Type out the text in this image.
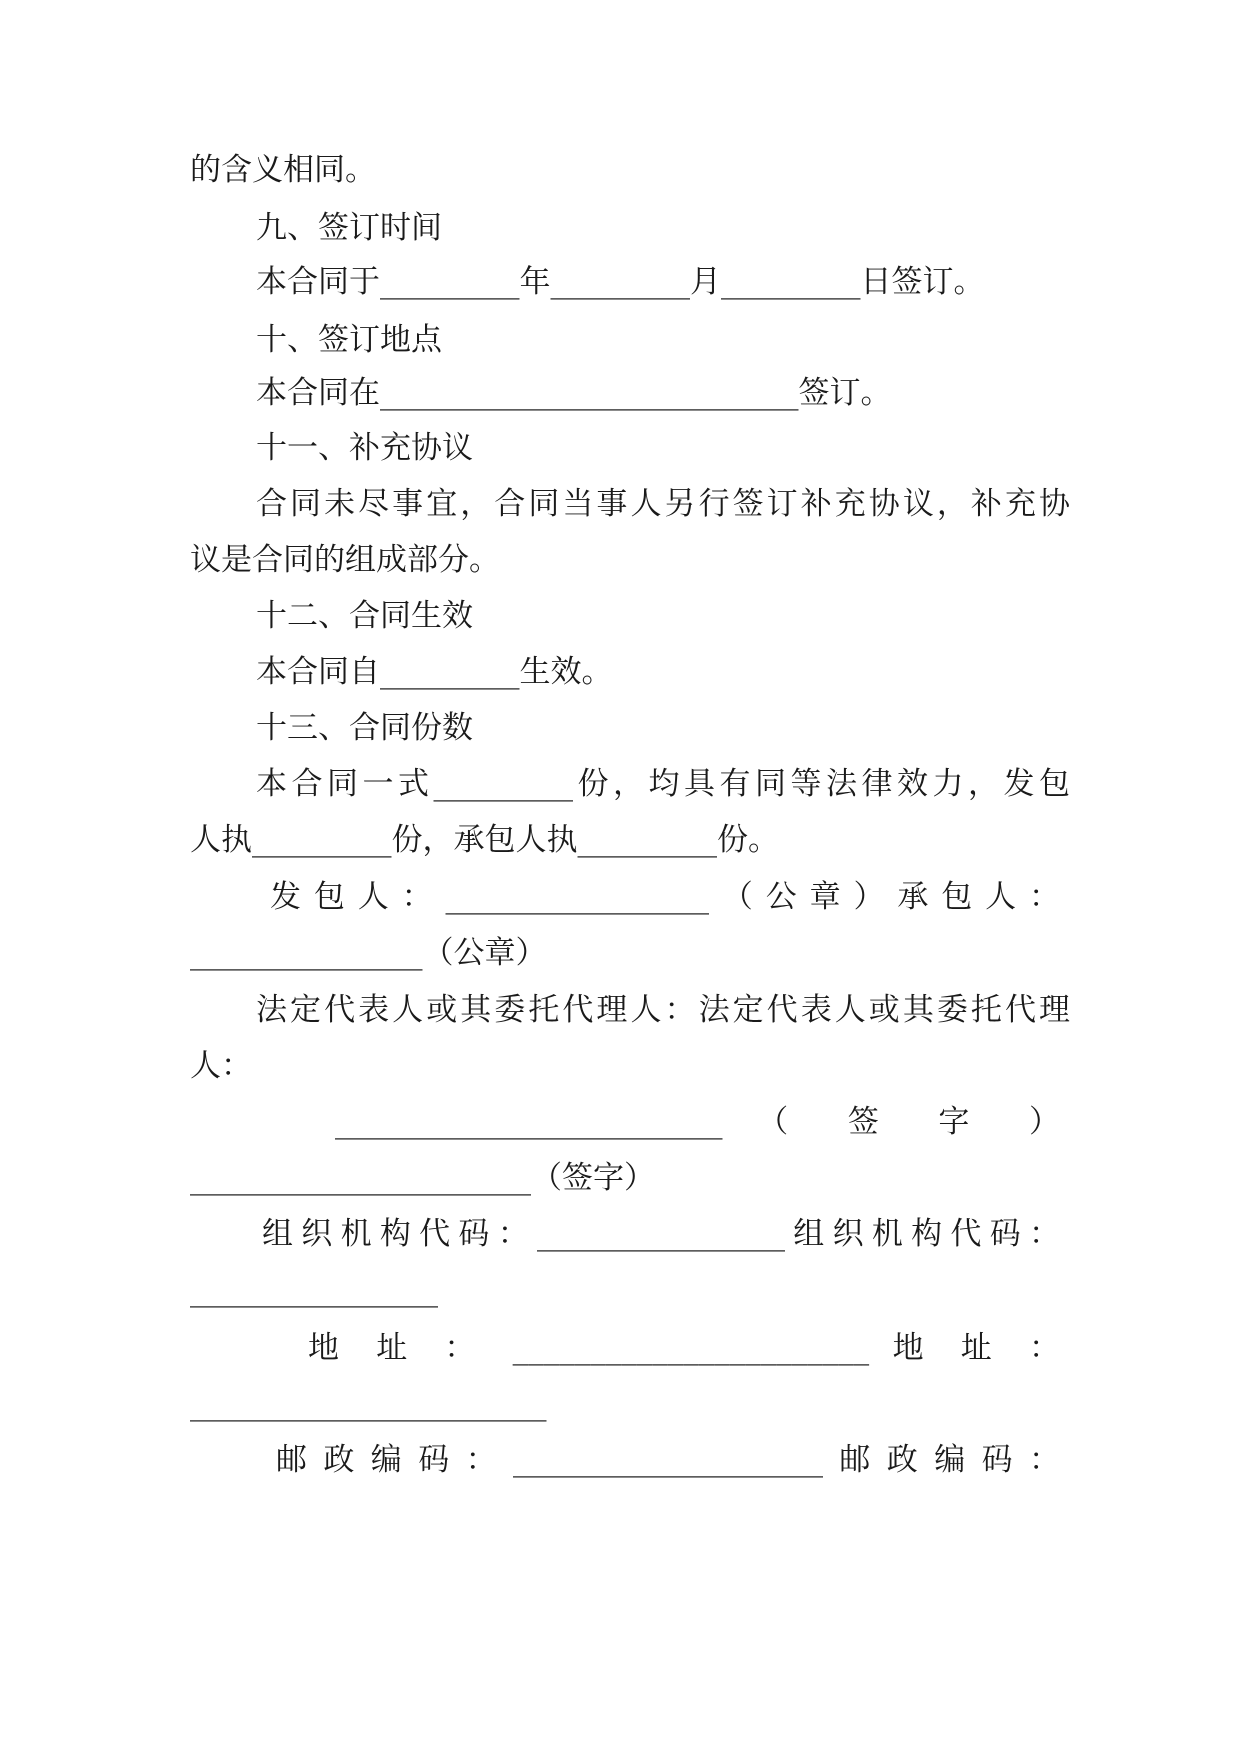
的含义相同。
九、签订时间
本合同于_________年_________月_________日签订。
十、签订地点
本合同在___________________________签订。
十一、补充协议
合同未尽事宜，合同当事人另行签订补充协议，补充协
议是合同的组成部分。
十二、合同生效
本合同自_________生效。
十三、合同份数
本合同一式_________份，均具有同等法律效力，发包
人执_________份，承包人执_________份。
发包人：_________________（公章）承包人：
_______________（公章）
法定代表人或其委托代理人：法定代表人或其委托代理
人：
_________________________ （ 签 字 ）
______________________（签字）
组织机构代码：________________组织机构代码：
________________
地 址 ： _______________________ 地 址 ：
_______________________
邮政编码：____________________邮政编码：
